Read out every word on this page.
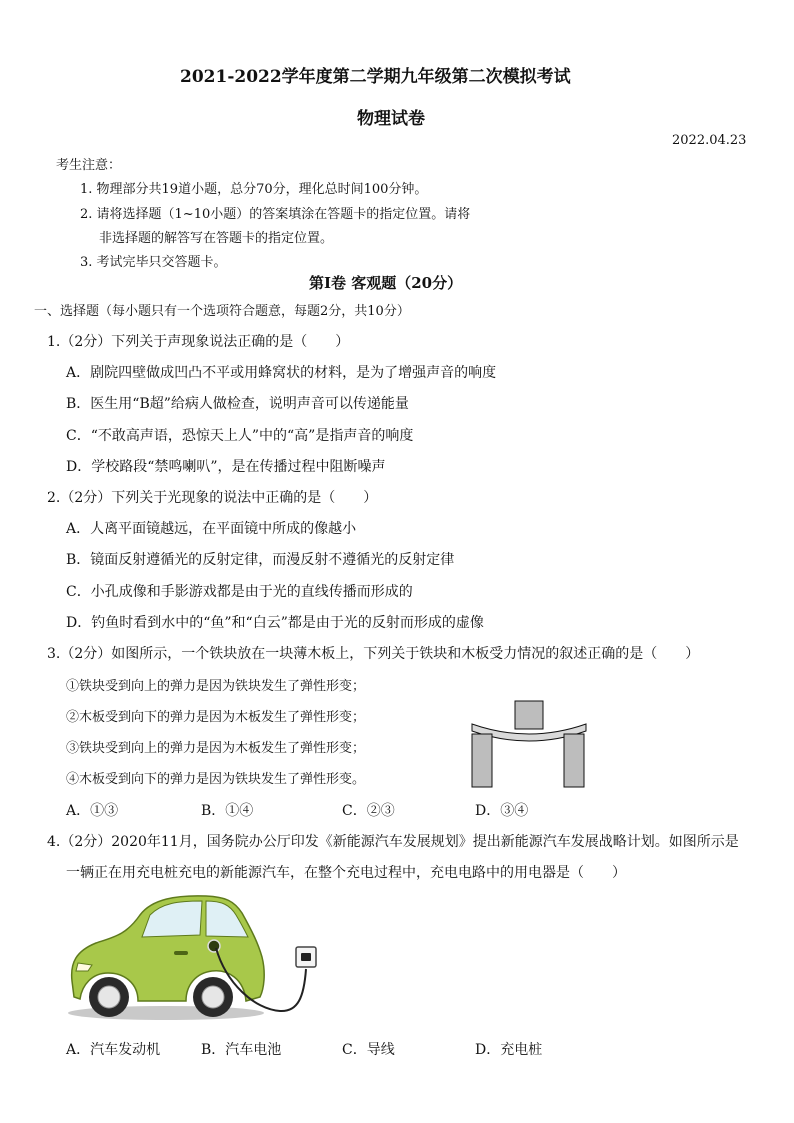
2021-2022学年度第二学期九年级第二次模拟考试
物理试卷
2022.04.23
考生注意：
1. 物理部分共19道小题，总分70分，理化总时间100分钟。
2. 请将选择题（1~10小题）的答案填涂在答题卡的指定位置。请将
非选择题的解答写在答题卡的指定位置。
3. 考试完毕只交答题卡。
第Ⅰ卷 客观题（20分）
一、选择题（每小题只有一个选项符合题意，每题2分，共10分）
1.（2分）下列关于声现象说法正确的是（ ）
A．剧院四壁做成凹凸不平或用蜂窝状的材料，是为了增强声音的响度
B．医生用“B超”给病人做检查，说明声音可以传递能量
C．“不敢高声语，恐惊天上人”中的“高”是指声音的响度
D．学校路段“禁鸣喇叭”，是在传播过程中阻断噪声
2.（2分）下列关于光现象的说法中正确的是（ ）
A．人离平面镜越远，在平面镜中所成的像越小
B．镜面反射遵循光的反射定律，而漫反射不遵循光的反射定律
C．小孔成像和手影游戏都是由于光的直线传播而形成的
D．钓鱼时看到水中的“鱼”和“白云”都是由于光的反射而形成的虚像
3.（2分）如图所示，一个铁块放在一块薄木板上，下列关于铁块和木板受力情况的叙述正确的是（ ）
①铁块受到向上的弹力是因为铁块发生了弹性形变；
②木板受到向下的弹力是因为木板发生了弹性形变；
③铁块受到向上的弹力是因为木板发生了弹性形变；
④木板受到向下的弹力是因为铁块发生了弹性形变。
A．①③	B．①④	C．②③	D．③④
4.（2分）2020年11月，国务院办公厅印发《新能源汽车发展规划》提出新能源汽车发展战略计划。如图所示是
一辆正在用充电桩充电的新能源汽车，在整个充电过程中，充电电路中的用电器是（ ）
A．汽车发动机	B．汽车电池	C．导线	D．充电桩
